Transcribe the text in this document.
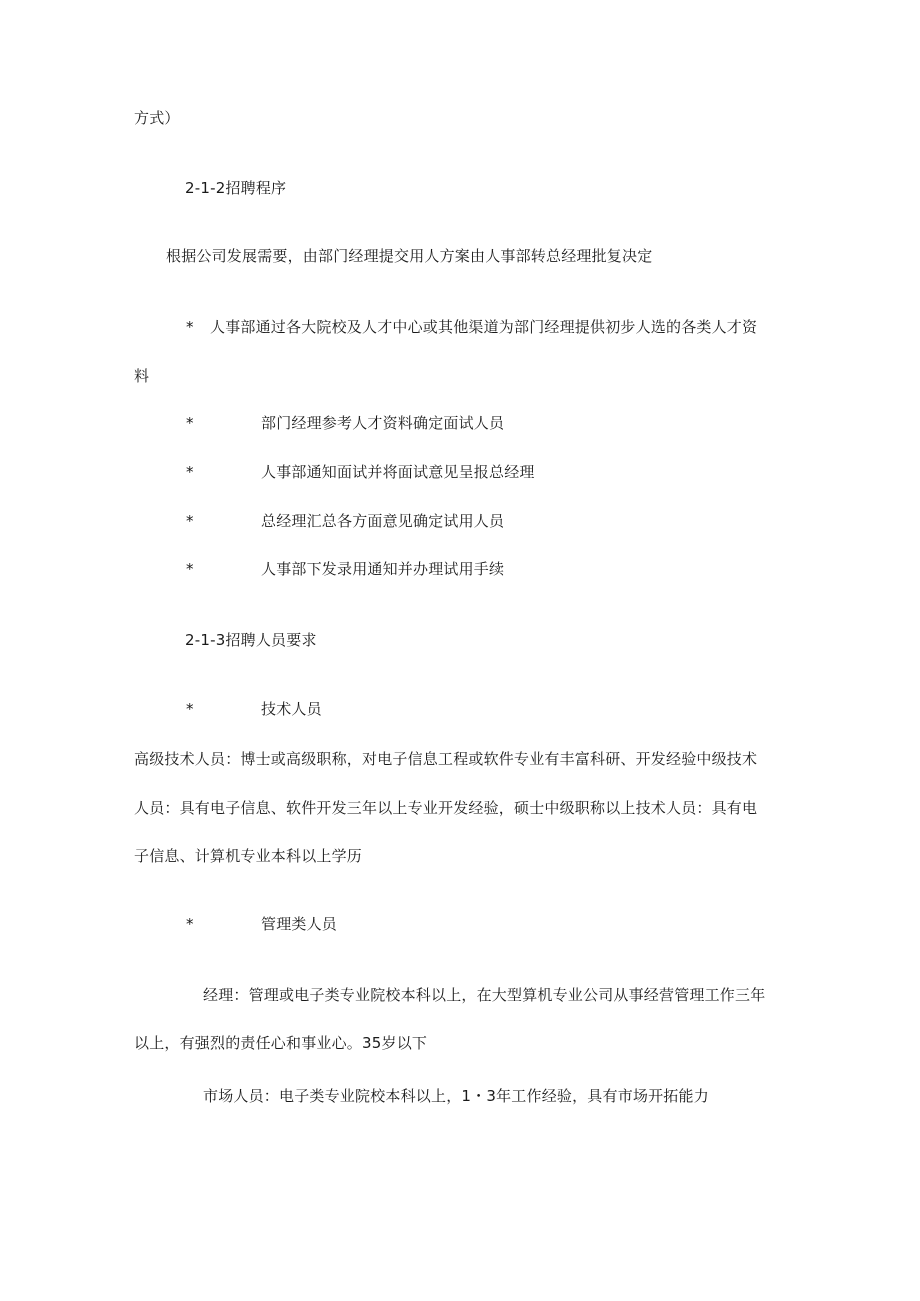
方式）
2-1-2招聘程序
根据公司发展需要，由部门经理提交用人方案由人事部转总经理批复决定
* 人事部通过各大院校及人才中心或其他渠道为部门经理提供初步人选的各类人才资
料
*	部门经理参考人才资料确定面试人员
*	人事部通知面试并将面试意见呈报总经理
*	总经理汇总各方面意见确定试用人员
*	人事部下发录用通知并办理试用手续
2-1-3招聘人员要求
*	技术人员
高级技术人员：博士或高级职称，对电子信息工程或软件专业有丰富科研、开发经验中级技术
人员：具有电子信息、软件开发三年以上专业开发经验，硕士中级职称以上技术人员：具有电
子信息、计算机专业本科以上学历
*	管理类人员
经理：管理或电子类专业院校本科以上，在大型算机专业公司从事经营管理工作三年
以上，有强烈的责任心和事业心。35岁以下
市场人员：电子类专业院校本科以上，1・3年工作经验，具有市场开拓能力
